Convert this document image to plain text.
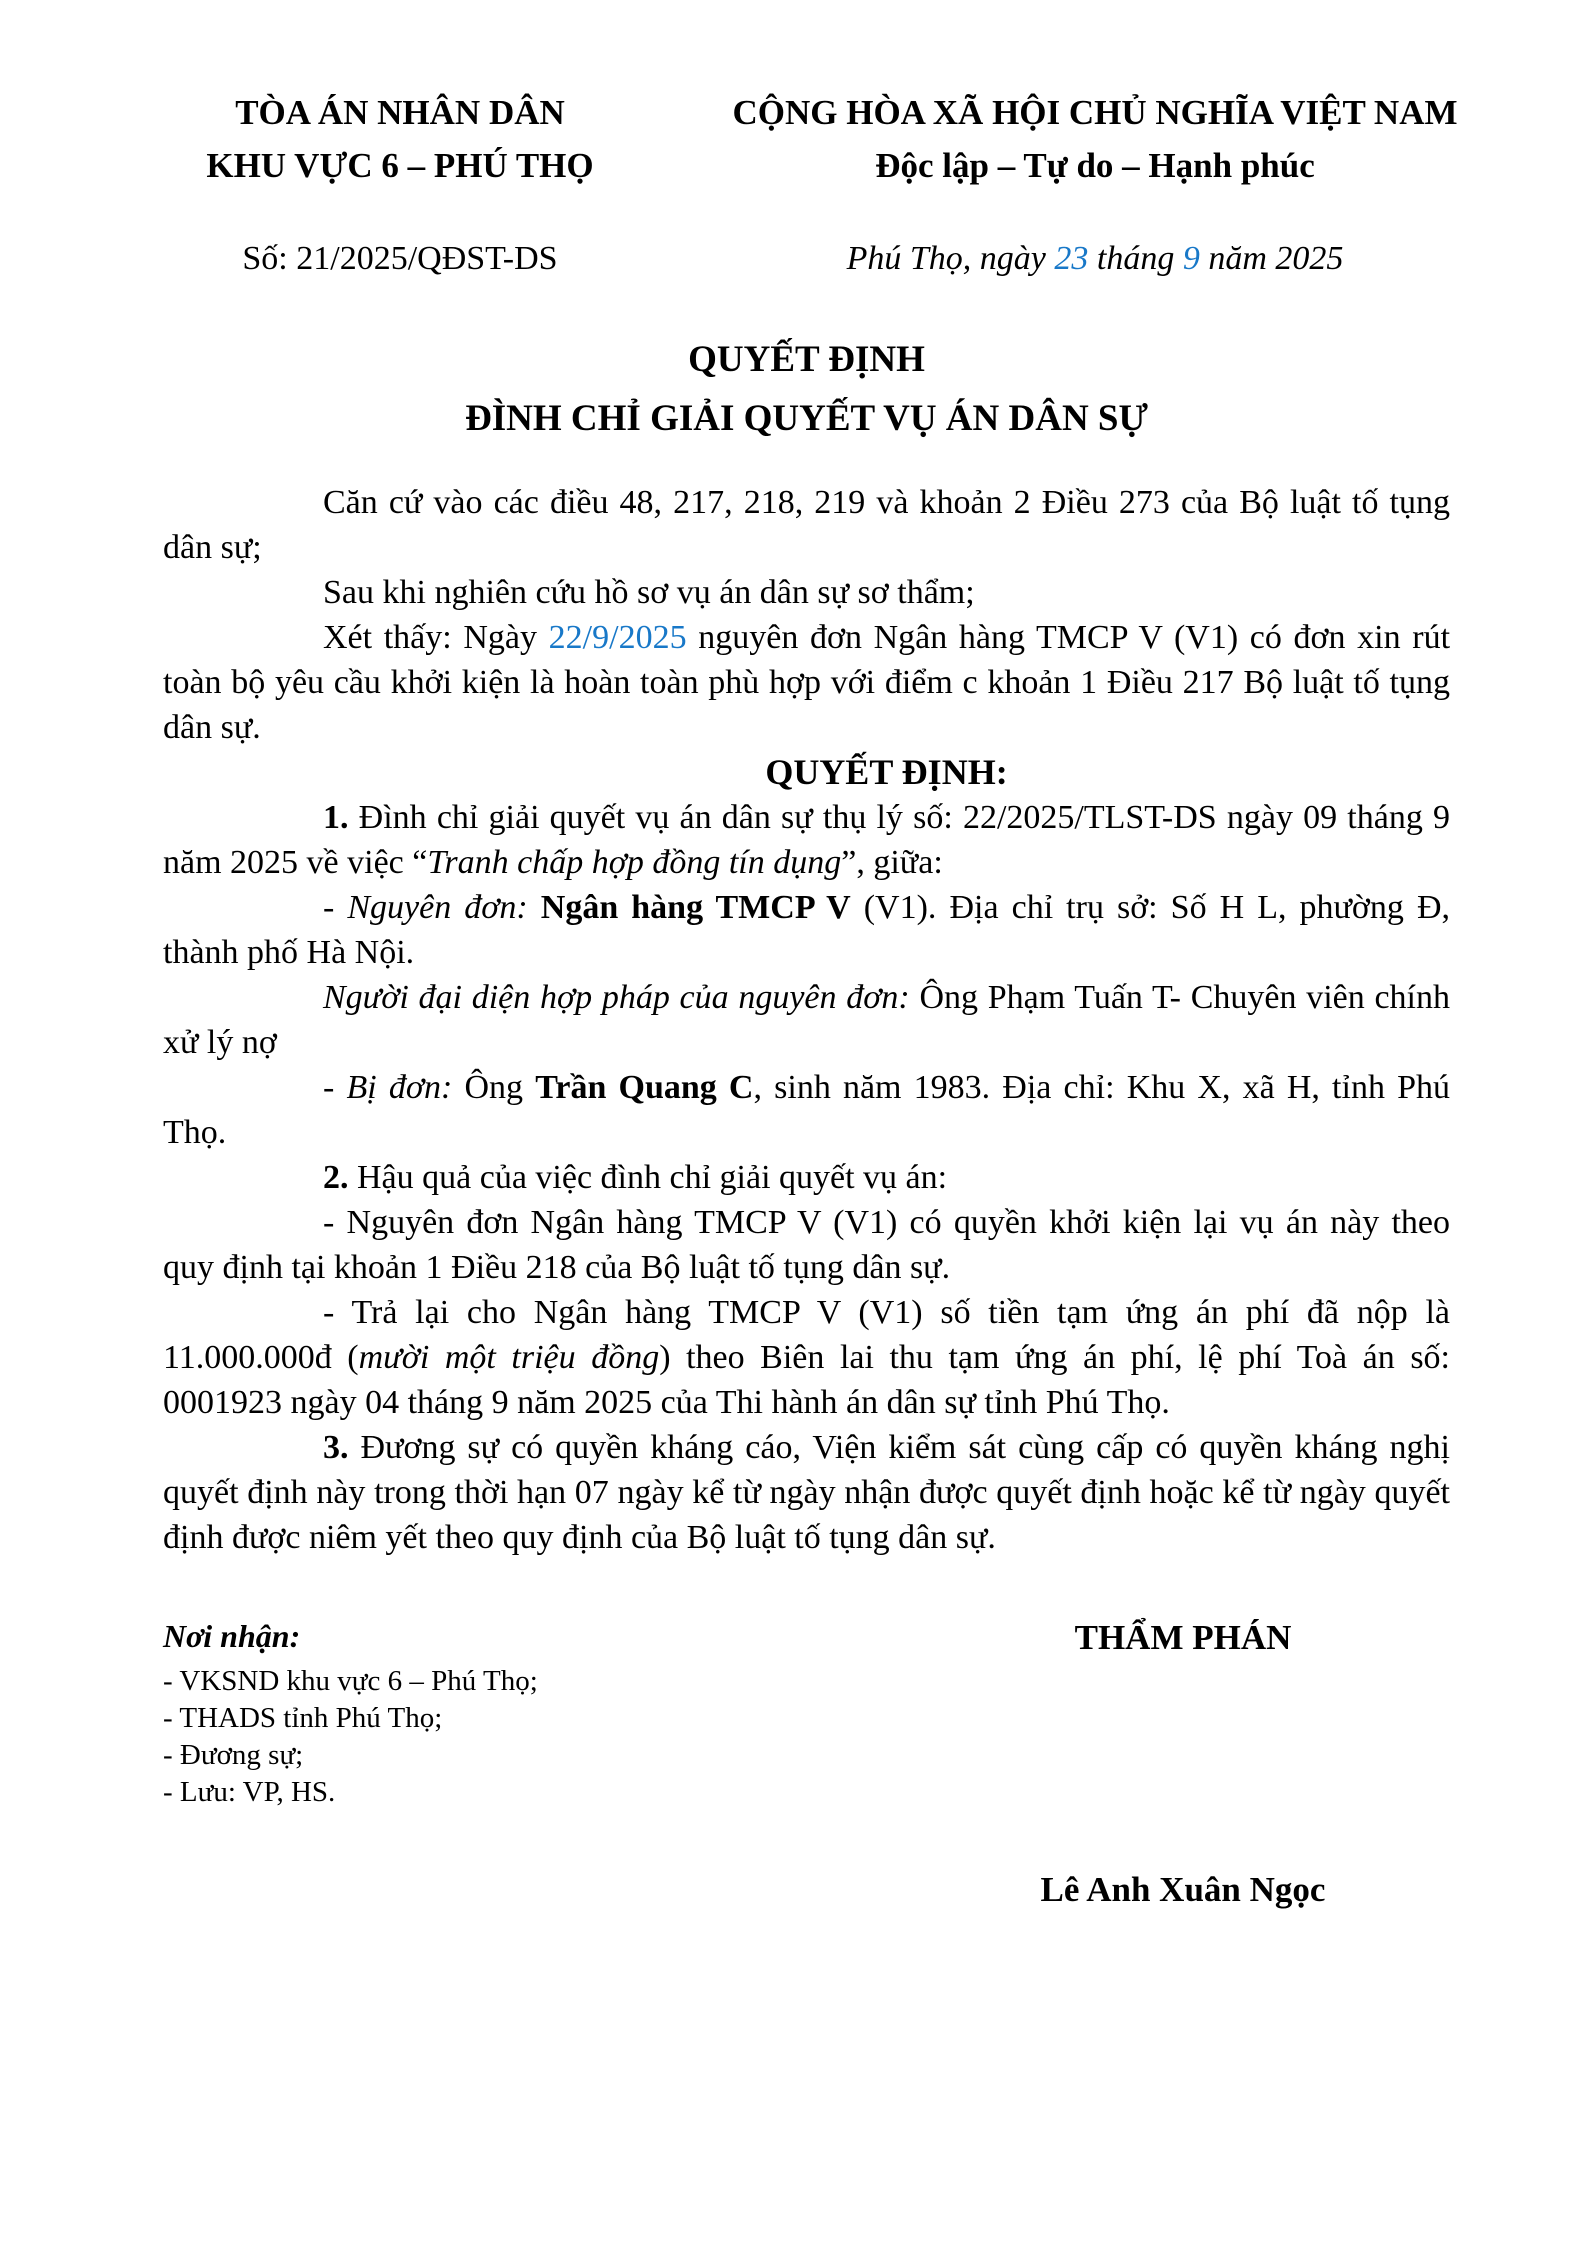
TÒA ÁN NHÂN DÂN
KHU VỰC 6 – PHÚ THỌ
CỘNG HÒA XÃ HỘI CHỦ NGHĨA VIỆT NAM
Độc lập – Tự do – Hạnh phúc
Số: 21/2025/QĐST-DS	Phú Thọ, ngày 23 tháng 9 năm 2025
QUYẾT ĐỊNH
ĐÌNH CHỈ GIẢI QUYẾT VỤ ÁN DÂN SỰ

Căn cứ vào các điều 48, 217, 218, 219 và khoản 2 Điều 273 của Bộ luật tố tụng dân sự;

Sau khi nghiên cứu hồ sơ vụ án dân sự sơ thẩm;

Xét thấy: Ngày 22/9/2025 nguyên đơn Ngân hàng TMCP V (V1) có đơn xin rút toàn bộ yêu cầu khởi kiện là hoàn toàn phù hợp với điểm c khoản 1 Điều 217 Bộ luật tố tụng dân sự.

QUYẾT ĐỊNH:

1. Đình chỉ giải quyết vụ án dân sự thụ lý số: 22/2025/TLST-DS ngày 09 tháng 9 năm 2025 về việc “Tranh chấp hợp đồng tín dụng”, giữa:

- Nguyên đơn: Ngân hàng TMCP V (V1). Địa chỉ trụ sở: Số H L, phường Đ, thành phố Hà Nội.

Người đại diện hợp pháp của nguyên đơn: Ông Phạm Tuấn T- Chuyên viên chính xử lý nợ

- Bị đơn: Ông Trần Quang C, sinh năm 1983. Địa chỉ: Khu X, xã H, tỉnh Phú Thọ.

2. Hậu quả của việc đình chỉ giải quyết vụ án:

- Nguyên đơn Ngân hàng TMCP V (V1) có quyền khởi kiện lại vụ án này theo quy định tại khoản 1 Điều 218 của Bộ luật tố tụng dân sự.

- Trả lại cho Ngân hàng TMCP V (V1) số tiền tạm ứng án phí đã nộp là 11.000.000đ (mười một triệu đồng) theo Biên lai thu tạm ứng án phí, lệ phí Toà án số: 0001923 ngày 04 tháng 9 năm 2025 của Thi hành án dân sự tỉnh Phú Thọ.

3. Đương sự có quyền kháng cáo, Viện kiểm sát cùng cấp có quyền kháng nghị quyết định này trong thời hạn 07 ngày kể từ ngày nhận được quyết định hoặc kể từ ngày quyết định được niêm yết theo quy định của Bộ luật tố tụng dân sự.

Nơi nhận:
- VKSND khu vực 6 – Phú Thọ;
- THADS tỉnh Phú Thọ;
- Đương sự;
- Lưu: VP, HS.
THẨM PHÁN
Lê Anh Xuân Ngọc
